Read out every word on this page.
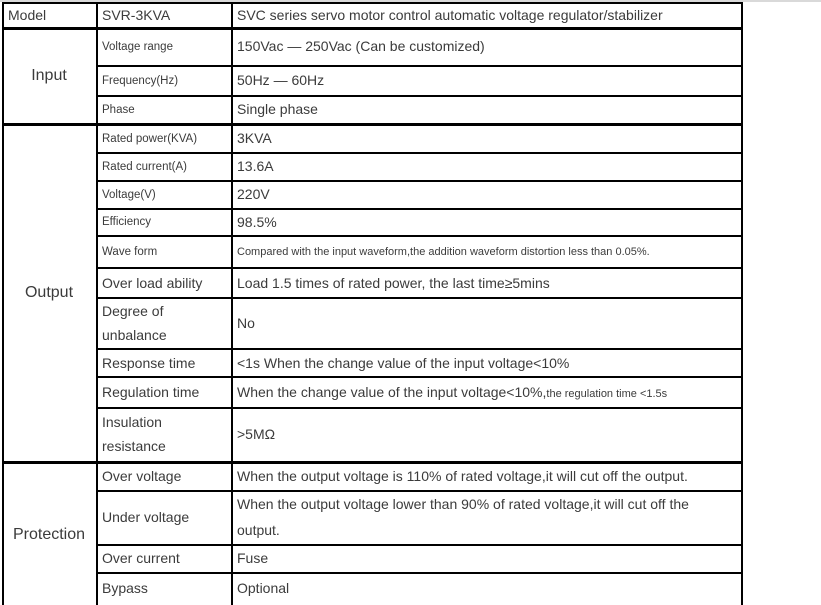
Model	SVR-3KVA	SVC series servo motor control automatic voltage regulator/stabilizer
Input	Voltage range	150Vac — 250Vac (Can be customized)
	Frequency(Hz)	50Hz — 60Hz
	Phase	Single phase
Output	Rated power(KVA)	3KVA
	Rated current(A)	13.6A
	Voltage(V)	220V
	Efficiency	98.5%
	Wave form	Compared with the input waveform,the addition waveform distortion less than 0.05%.
	Over load ability	Load 1.5 times of rated power, the last time≥5mins
	Degree of unbalance	No
	Response time	<1s When the change value of the input voltage<10%
	Regulation time	When the change value of the input voltage<10%,the regulation time <1.5s
	Insulation resistance	>5MΩ
Protection	Over voltage	When the output voltage is 110% of rated voltage,it will cut off the output.
	Under voltage	When the output voltage lower than 90% of rated voltage,it will cut off the output.
	Over current	Fuse
	Bypass	Optional
